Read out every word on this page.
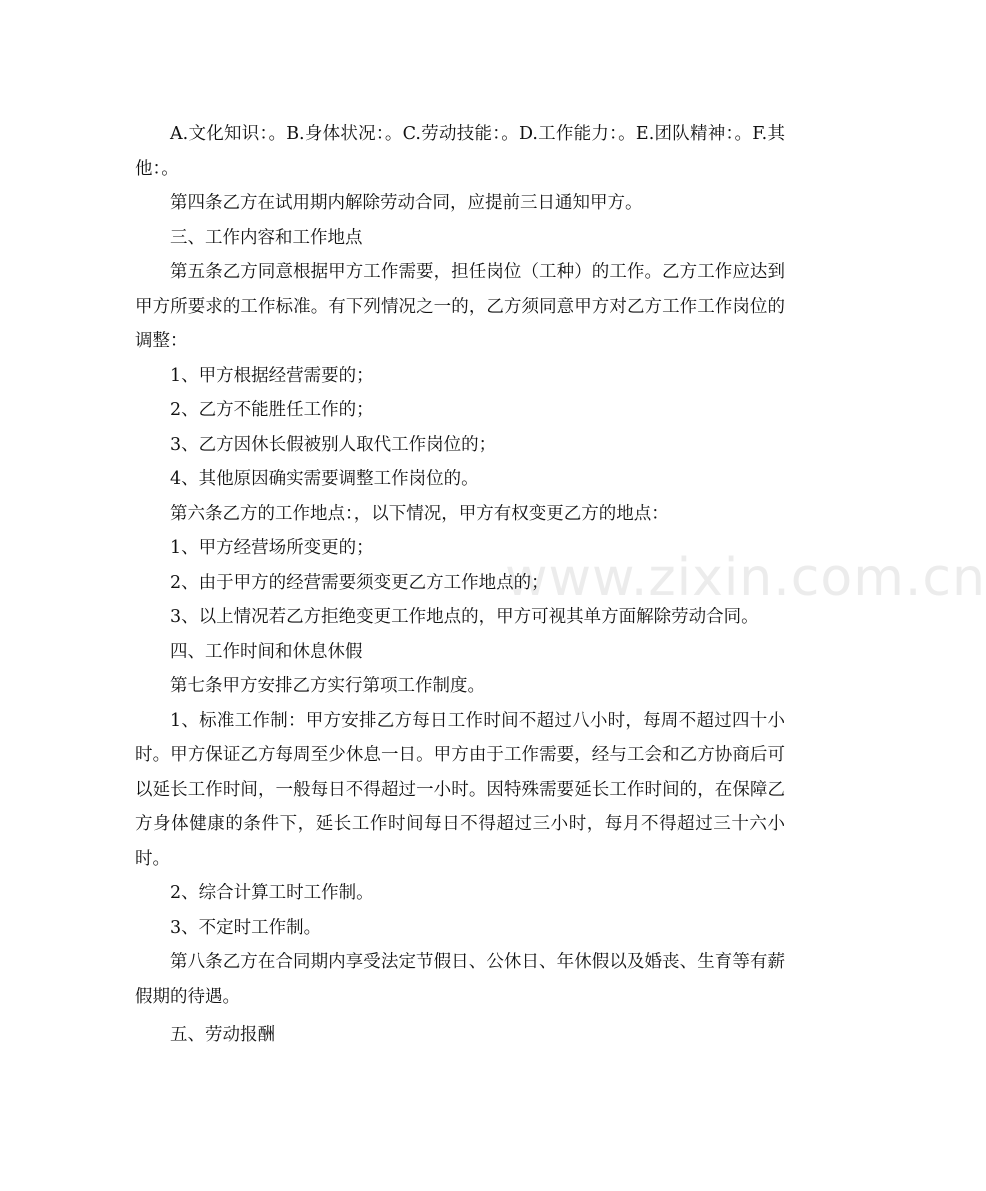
www.zixin.com.cn

A.文化知识：。B.身体状况：。C.劳动技能：。D.工作能力：。E.团队精神：。F.其他：。

第四条乙方在试用期内解除劳动合同，应提前三日通知甲方。

三、工作内容和工作地点

第五条乙方同意根据甲方工作需要，担任岗位（工种）的工作。乙方工作应达到甲方所要求的工作标准。有下列情况之一的，乙方须同意甲方对乙方工作工作岗位的调整：

1、甲方根据经营需要的；

2、乙方不能胜任工作的；

3、乙方因休长假被别人取代工作岗位的；

4、其他原因确实需要调整工作岗位的。

第六条乙方的工作地点：，以下情况，甲方有权变更乙方的地点：

1、甲方经营场所变更的；

2、由于甲方的经营需要须变更乙方工作地点的；

3、以上情况若乙方拒绝变更工作地点的，甲方可视其单方面解除劳动合同。

四、工作时间和休息休假

第七条甲方安排乙方实行第项工作制度。

1、标准工作制：甲方安排乙方每日工作时间不超过八小时，每周不超过四十小时。甲方保证乙方每周至少休息一日。甲方由于工作需要，经与工会和乙方协商后可以延长工作时间，一般每日不得超过一小时。因特殊需要延长工作时间的，在保障乙方身体健康的条件下，延长工作时间每日不得超过三小时，每月不得超过三十六小时。

2、综合计算工时工作制。

3、不定时工作制。

第八条乙方在合同期内享受法定节假日、公休日、年休假以及婚丧、生育等有薪假期的待遇。

五、劳动报酬
